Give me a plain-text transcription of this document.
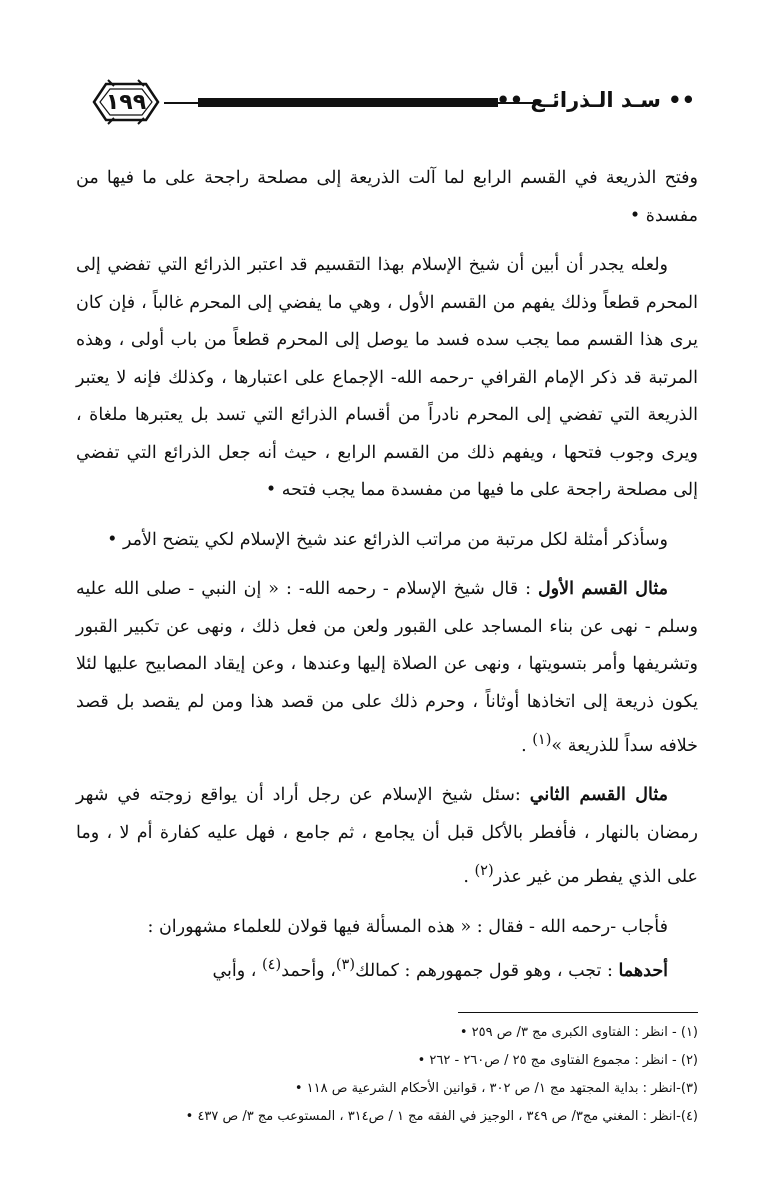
١٩٩	•• سـد الـذرائـع ••

وفتح الذريعة في القسم الرابع لما آلت الذريعة إلى مصلحة راجحة على ما فيها من مفسدة •

ولعله يجدر أن أبين أن شيخ الإسلام بهذا التقسيم قد اعتبر الذرائع التي تفضي إلى المحرم قطعاً وذلك يفهم من القسم الأول ، وهي ما يفضي إلى المحرم غالباً ، فإن كان يرى هذا القسم مما يجب سده فسد ما يوصل إلى المحرم قطعاً من باب أولى ، وهذه المرتبة قد ذكر الإمام القرافي -رحمه الله- الإجماع على اعتبارها ، وكذلك فإنه لا يعتبر الذريعة التي تفضي إلى المحرم نادراً من أقسام الذرائع التي تسد بل يعتبرها ملغاة ، ويرى وجوب فتحها ، ويفهم ذلك من القسم الرابع ، حيث أنه جعل الذرائع التي تفضي إلى مصلحة راجحة على ما فيها من مفسدة مما يجب فتحه •

وسأذكر أمثلة لكل مرتبة من مراتب الذرائع عند شيخ الإسلام لكي يتضح الأمر •

مثال القسم الأول : قال شيخ الإسلام - رحمه الله- : « إن النبي - صلى الله عليه وسلم - نهى عن بناء المساجد على القبور ولعن من فعل ذلك ، ونهى عن تكبير القبور وتشريفها وأمر بتسويتها ، ونهى عن الصلاة إليها وعندها ، وعن إيقاد المصابيح عليها لئلا يكون ذريعة إلى اتخاذها أوثاناً ، وحرم ذلك على من قصد هذا ومن لم يقصد بل قصد خلافه سداً للذريعة »$^{(١)}$ .

مثال القسم الثاني :سئل شيخ الإسلام عن رجل أراد أن يواقع زوجته في شهر رمضان بالنهار ، فأفطر بالأكل قبل أن يجامع ، ثم جامع ، فهل عليه كفارة أم لا ، وما على الذي يفطر من غير عذر$^{(٢)}$ .

فأجاب -رحمه الله - فقال : « هذه المسألة فيها قولان للعلماء مشهوران :

أحدهما : تجب ، وهو قول جمهورهم : كمالك$^{(٣)}$، وأحمد$^{(٤)}$ ، وأبي

(١) - انظر : الفتاوى الكبرى مج ٣/ ص ٢٥٩ •
(٢) - انظر : مجموع الفتاوى مج ٢٥ / ص٢٦٠ - ٢٦٢ •
(٣)-انظر : بداية المجتهد مج ١/ ص ٣٠٢ ، قوانين الأحكام الشرعية ص ١١٨ •
(٤)-انظر : المغني مج٣/ ص ٣٤٩ ، الوجيز في الفقه مج ١ / ص٣١٤ ، المستوعب مج ٣/ ص ٤٣٧ •
